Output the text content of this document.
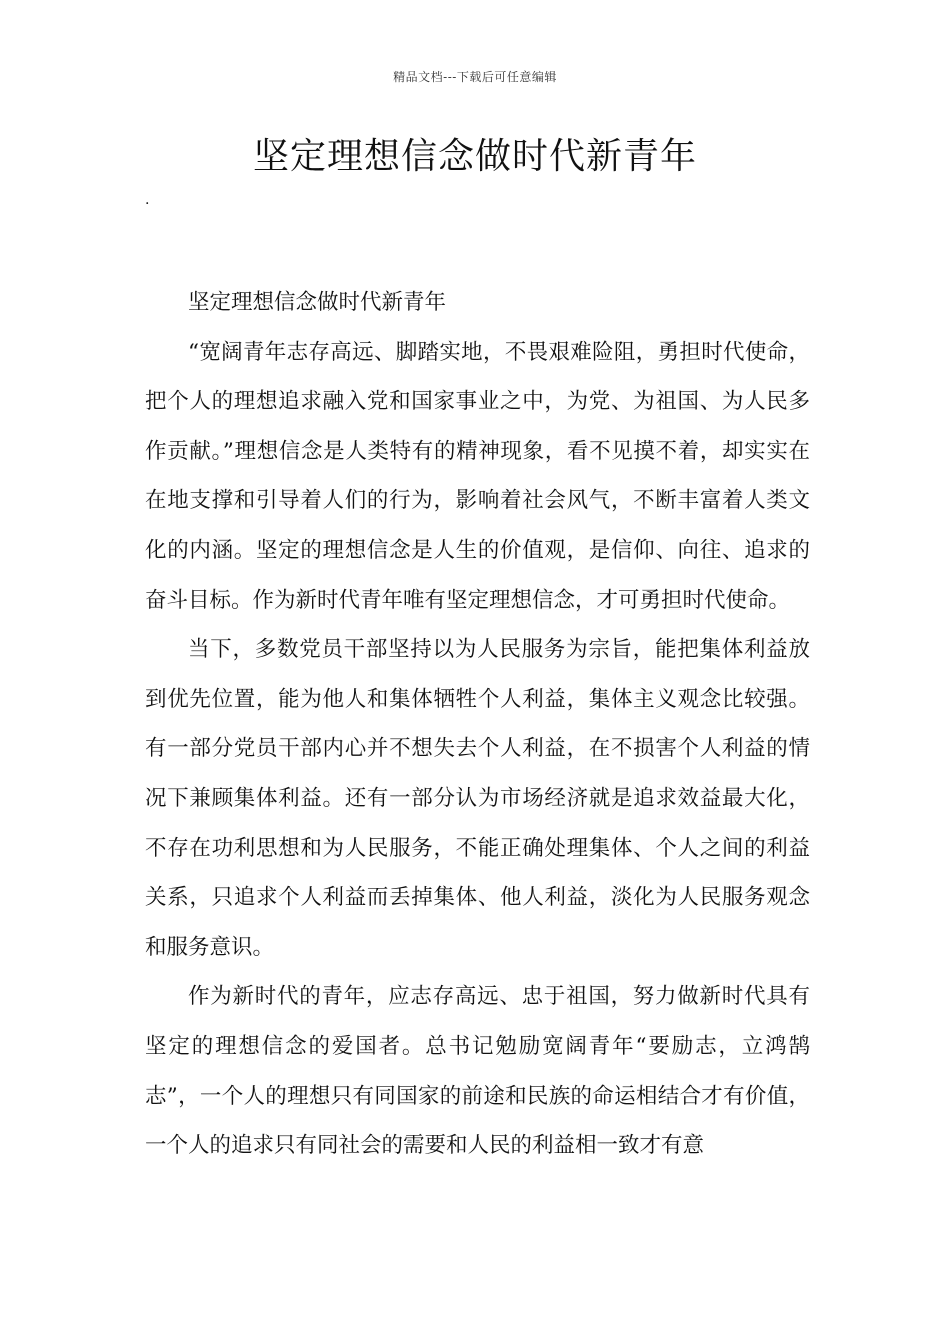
精品文档---下载后可任意编辑
坚定理想信念做时代新青年
.

坚定理想信念做时代新青年

“宽阔青年志存高远、脚踏实地，不畏艰难险阻，勇担时代使命，把个人的理想追求融入党和国家事业之中，为党、为祖国、为人民多作贡献。”理想信念是人类特有的精神现象，看不见摸不着，却实实在在地支撑和引导着人们的行为，影响着社会风气，不断丰富着人类文化的内涵。坚定的理想信念是人生的价值观，是信仰、向往、追求的奋斗目标。作为新时代青年唯有坚定理想信念，才可勇担时代使命。

当下，多数党员干部坚持以为人民服务为宗旨，能把集体利益放到优先位置，能为他人和集体牺牲个人利益，集体主义观念比较强。有一部分党员干部内心并不想失去个人利益，在不损害个人利益的情况下兼顾集体利益。还有一部分认为市场经济就是追求效益最大化，不存在功利思想和为人民服务，不能正确处理集体、个人之间的利益关系，只追求个人利益而丢掉集体、他人利益，淡化为人民服务观念和服务意识。

作为新时代的青年，应志存高远、忠于祖国，努力做新时代具有坚定的理想信念的爱国者。总书记勉励宽阔青年“要励志，立鸿鹄志”，一个人的理想只有同国家的前途和民族的命运相结合才有价值，一个人的追求只有同社会的需要和人民的利益相一致才有意
